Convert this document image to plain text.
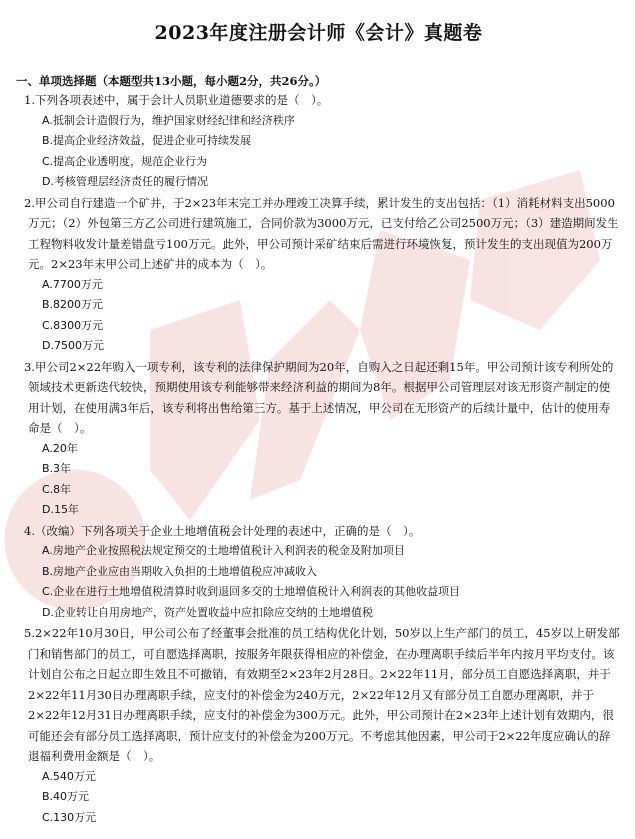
2023年度注册会计师《会计》真题卷
一、单项选择题（本题型共13小题，每小题2分，共26分。）
1.下列各项表述中，属于会计人员职业道德要求的是（　）。
A.抵制会计造假行为，维护国家财经纪律和经济秩序
B.提高企业经济效益，促进企业可持续发展
C.提高企业透明度，规范企业行为
D.考核管理层经济责任的履行情况
2.甲公司自行建造一个矿井，于2×23年末完工并办理竣工决算手续，累计发生的支出包括：（1）消耗材料支出5000万元；（2）外包第三方乙公司进行建筑施工，合同价款为3000万元，已支付给乙公司2500万元；（3）建造期间发生工程物料收发计量差错盘亏100万元。此外，甲公司预计采矿结束后需进行环境恢复，预计发生的支出现值为200万元。2×23年末甲公司上述矿井的成本为（　）。
A.7700万元
B.8200万元
C.8300万元
D.7500万元
3.甲公司2×22年购入一项专利，该专利的法律保护期间为20年，自购入之日起还剩15年。甲公司预计该专利所处的领域技术更新迭代较快，预期使用该专利能够带来经济利益的期间为8年。根据甲公司管理层对该无形资产制定的使用计划，在使用满3年后，该专利将出售给第三方。基于上述情况，甲公司在无形资产的后续计量中，估计的使用寿命是（　）。
A.20年
B.3年
C.8年
D.15年
4.（改编）下列各项关于企业土地增值税会计处理的表述中，正确的是（　）。
A.房地产企业按照税法规定预交的土地增值税计入利润表的税金及附加项目
B.房地产企业应由当期收入负担的土地增值税应冲减收入
C.企业在进行土地增值税清算时收到退回多交的土地增值税计入利润表的其他收益项目
D.企业转让自用房地产，资产处置收益中应扣除应交纳的土地增值税
5.2×22年10月30日，甲公司公布了经董事会批准的员工结构优化计划，50岁以上生产部门的员工，45岁以上研发部门和销售部门的员工，可自愿选择离职，按服务年限获得相应的补偿金，在办理离职手续后半年内按月平均支付。该计划自公布之日起立即生效且不可撤销，有效期至2×23年2月28日。2×22年11月，部分员工自愿选择离职，并于2×22年11月30日办理离职手续，应支付的补偿金为240万元，2×22年12月又有部分员工自愿办理离职，并于2×22年12月31日办理离职手续，应支付的补偿金为300万元。此外，甲公司预计在2×23年上述计划有效期内，很可能还会有部分员工选择离职，预计应支付的补偿金为200万元。不考虑其他因素，甲公司于2×22年度应确认的辞退福利费用金额是（　）。
A.540万元
B.40万元
C.130万元
